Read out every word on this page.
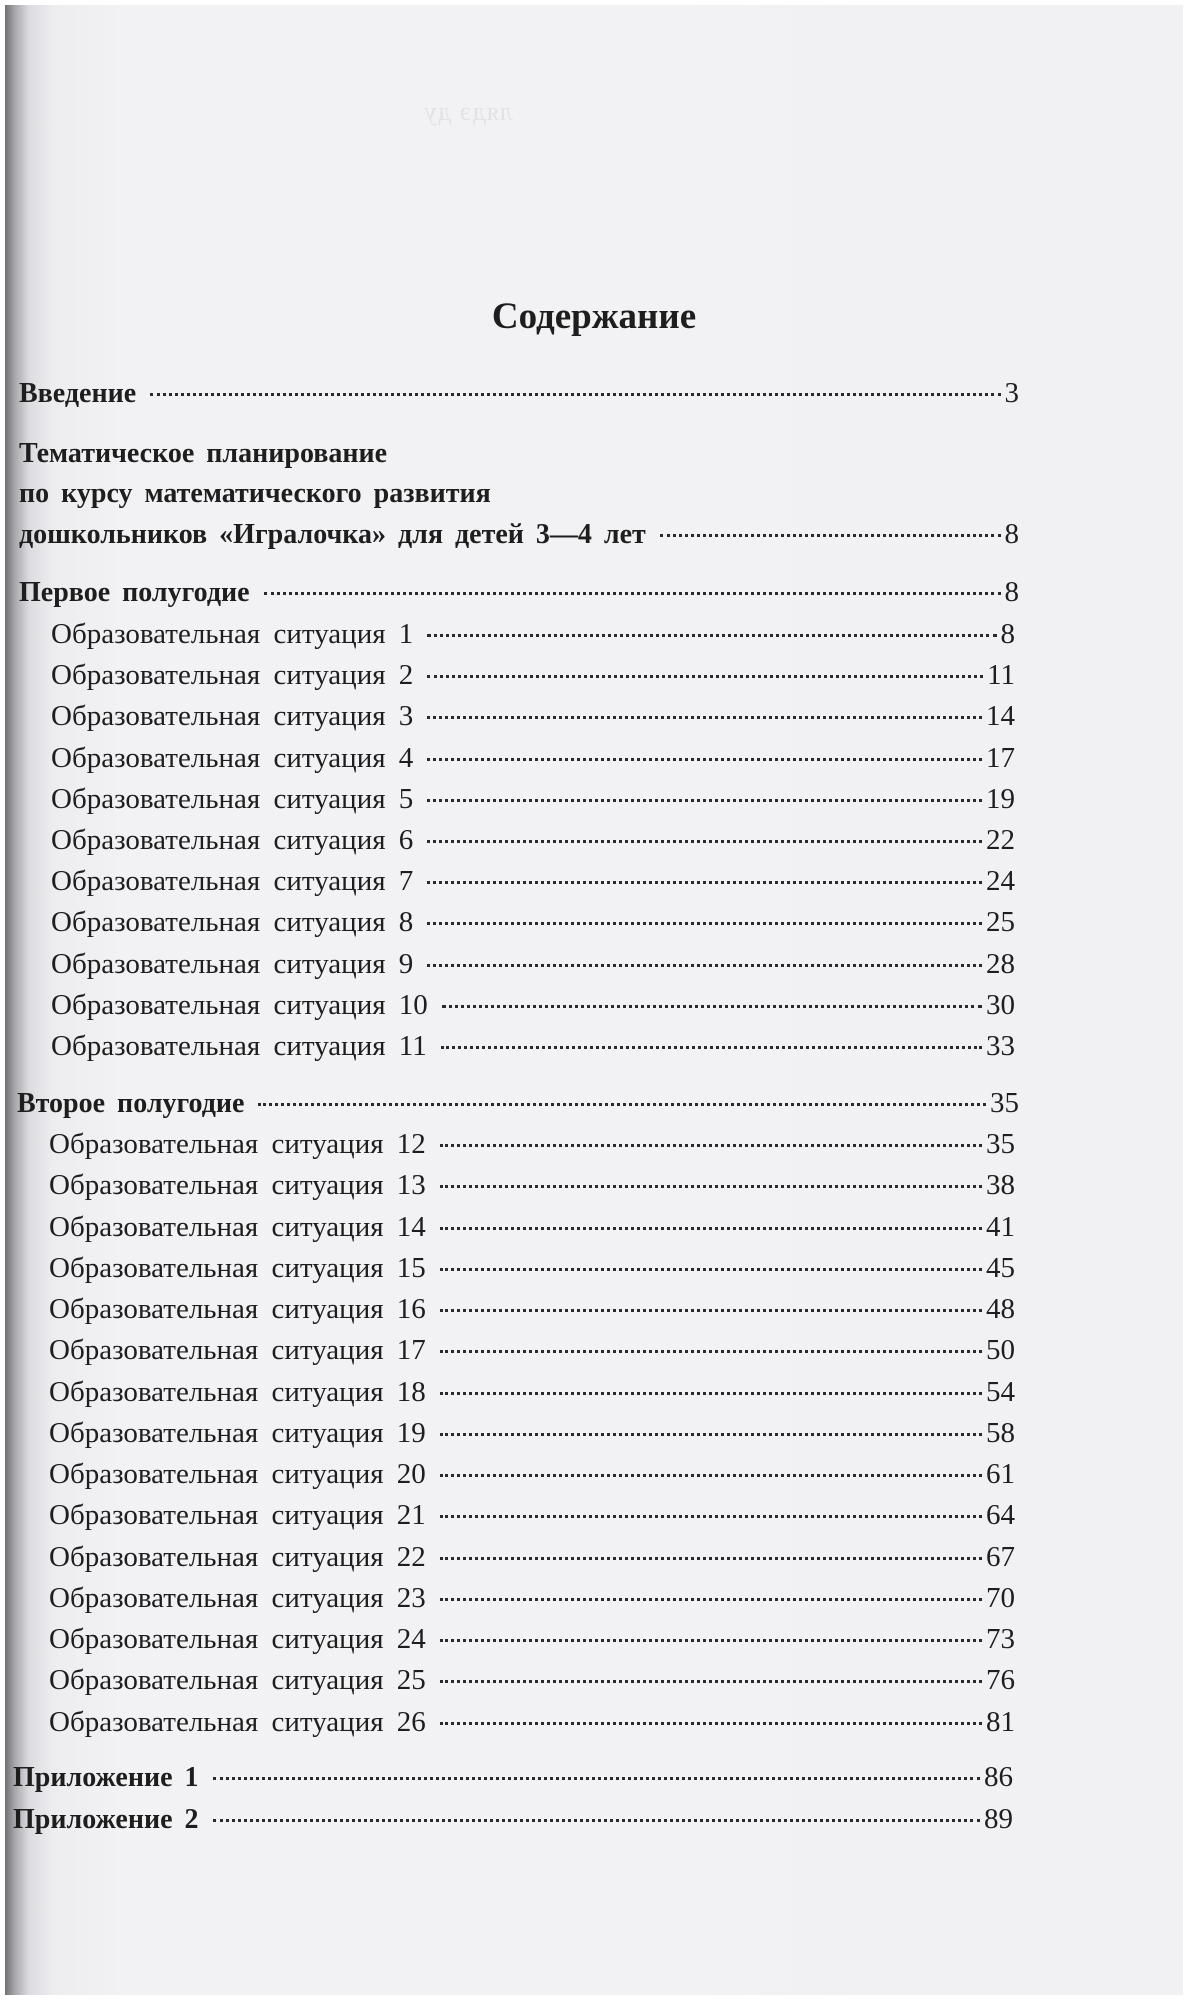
лядэ ду
Содержание
Введение	3
Тематическое планирование
по курсу математического развития
дошкольников «Игралочка» для детей 3—4 лет	8
Первое полугодие	8
Образовательная ситуация 1	8
Образовательная ситуация 2	11
Образовательная ситуация 3	14
Образовательная ситуация 4	17
Образовательная ситуация 5	19
Образовательная ситуация 6	22
Образовательная ситуация 7	24
Образовательная ситуация 8	25
Образовательная ситуация 9	28
Образовательная ситуация 10	30
Образовательная ситуация 11	33
Второе полугодие	35
Образовательная ситуация 12	35
Образовательная ситуация 13	38
Образовательная ситуация 14	41
Образовательная ситуация 15	45
Образовательная ситуация 16	48
Образовательная ситуация 17	50
Образовательная ситуация 18	54
Образовательная ситуация 19	58
Образовательная ситуация 20	61
Образовательная ситуация 21	64
Образовательная ситуация 22	67
Образовательная ситуация 23	70
Образовательная ситуация 24	73
Образовательная ситуация 25	76
Образовательная ситуация 26	81
Приложение 1	86
Приложение 2	89
